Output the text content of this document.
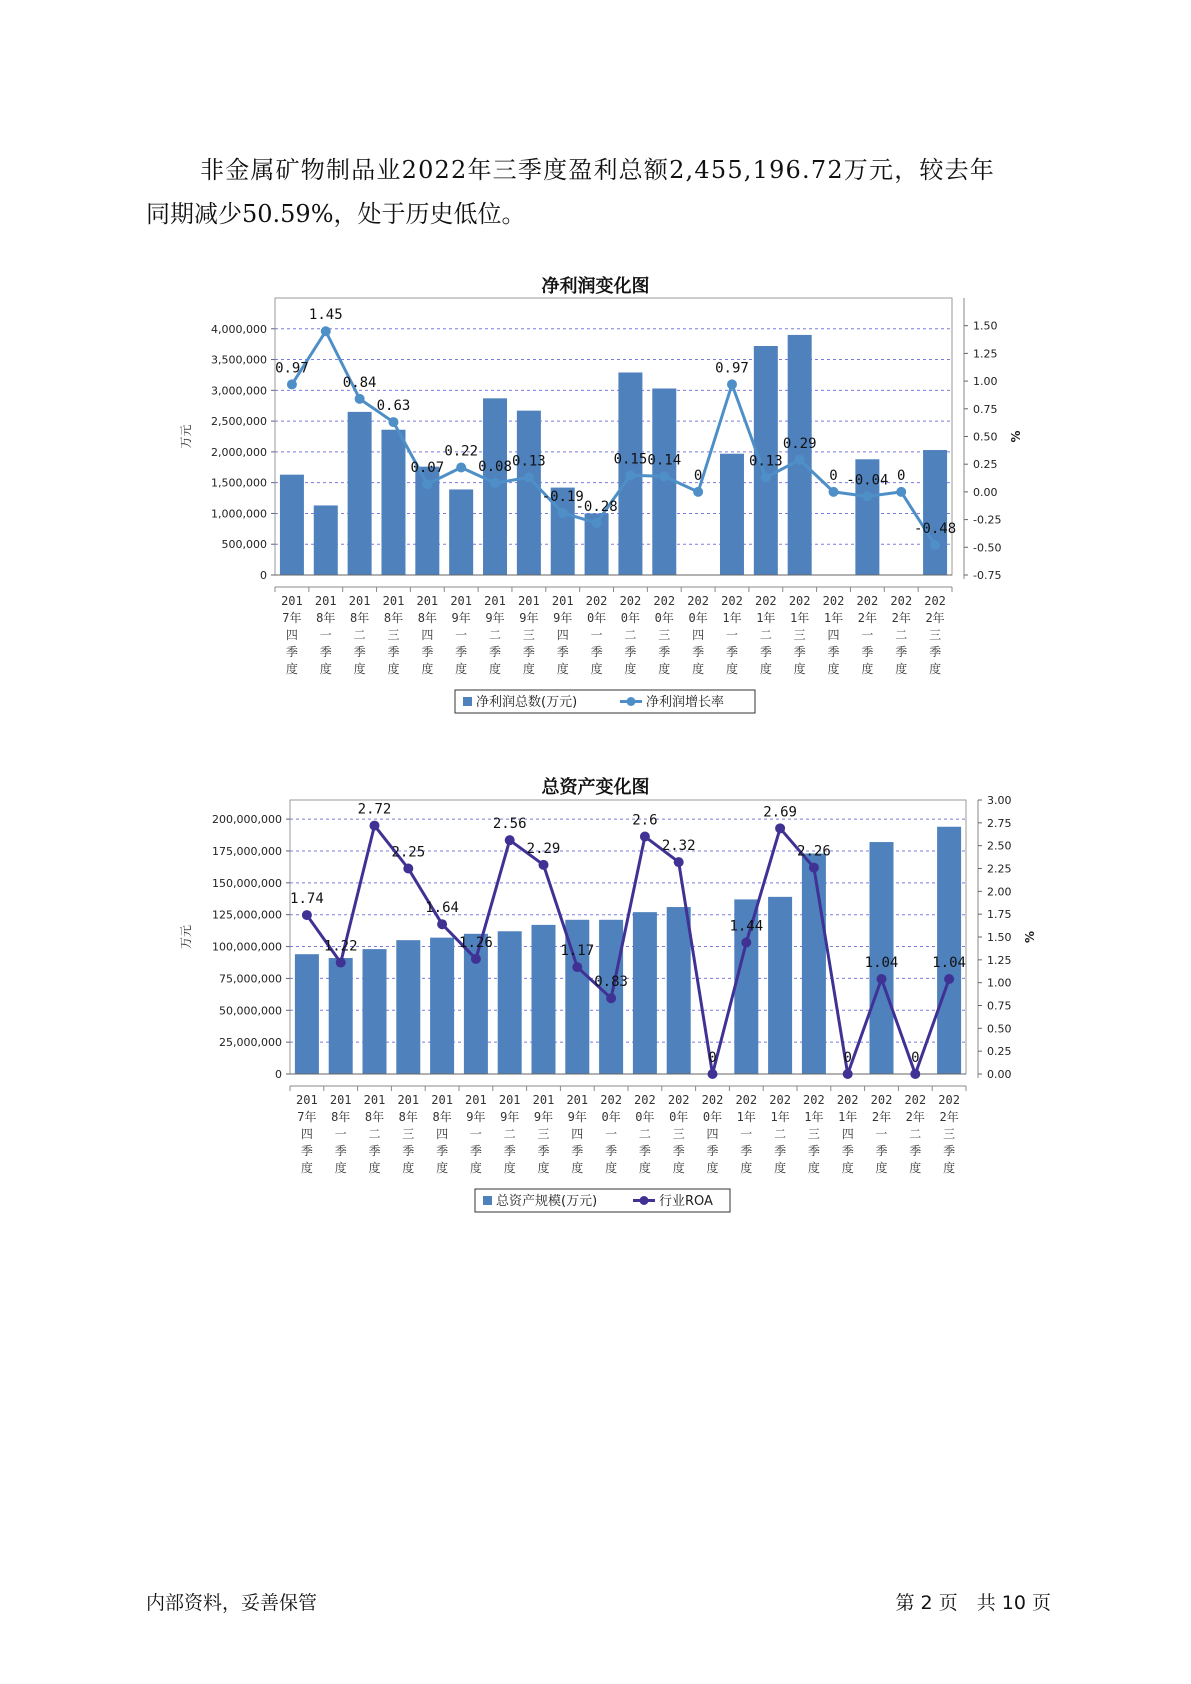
非金属矿物制品业2022年三季度盈利总额2,455,196.72万元，较去年
同期减少50.59%，处于历史低位。

净利润变化图
0
500,000
1,000,000
1,500,000
2,000,000
2,500,000
3,000,000
3,500,000
4,000,000
-0.75
-0.50
-0.25
0.00
0.25
0.50
0.75
1.00
1.25
1.50
万元	%
201 7年四季度
201 8年一季度
201 8年二季度
201 8年三季度
201 8年四季度
201 9年一季度
201 9年二季度
201 9年三季度
201 9年四季度
202 0年一季度
202 0年二季度
202 0年三季度
202 0年四季度
202 1年一季度
202 1年二季度
202 1年三季度
202 1年四季度
202 2年一季度
202 2年二季度
202 2年三季度
0.97
1.45
0.84
0.63
0.07
0.22
0.08 0.13
-0.19
-0.28
0.15 0.14
0
0.97
0.13
0.29
0 -0.04 0
-0.48
净利润总数(万元)	净利润增长率
总资产变化图
0
25,000,000
50,000,000
75,000,000
100,000,000
125,000,000
150,000,000
175,000,000
200,000,000
0.00
0.25
0.50
0.75
1.00
1.25
1.50
1.75
2.00
2.25
2.50
2.75
3.00
万元	%
201 7年四季度
201 8年一季度
201 8年二季度
201 8年三季度
201 8年四季度
201 9年一季度
201 9年二季度
201 9年三季度
201 9年四季度
202 0年一季度
202 0年二季度
202 0年三季度
202 0年四季度
202 1年一季度
202 1年二季度
202 1年三季度
202 1年四季度
202 2年一季度
202 2年二季度
202 2年三季度
1.74
1.22
2.72
2.25
1.64
1.26
2.56
2.29
1.17
0.83
2.6
2.32
0
1.44
2.69
2.26
0
1.04
0
1.04
总资产规模(万元)	行业ROA
内部资料，妥善保管	第 2 页　共 10 页
